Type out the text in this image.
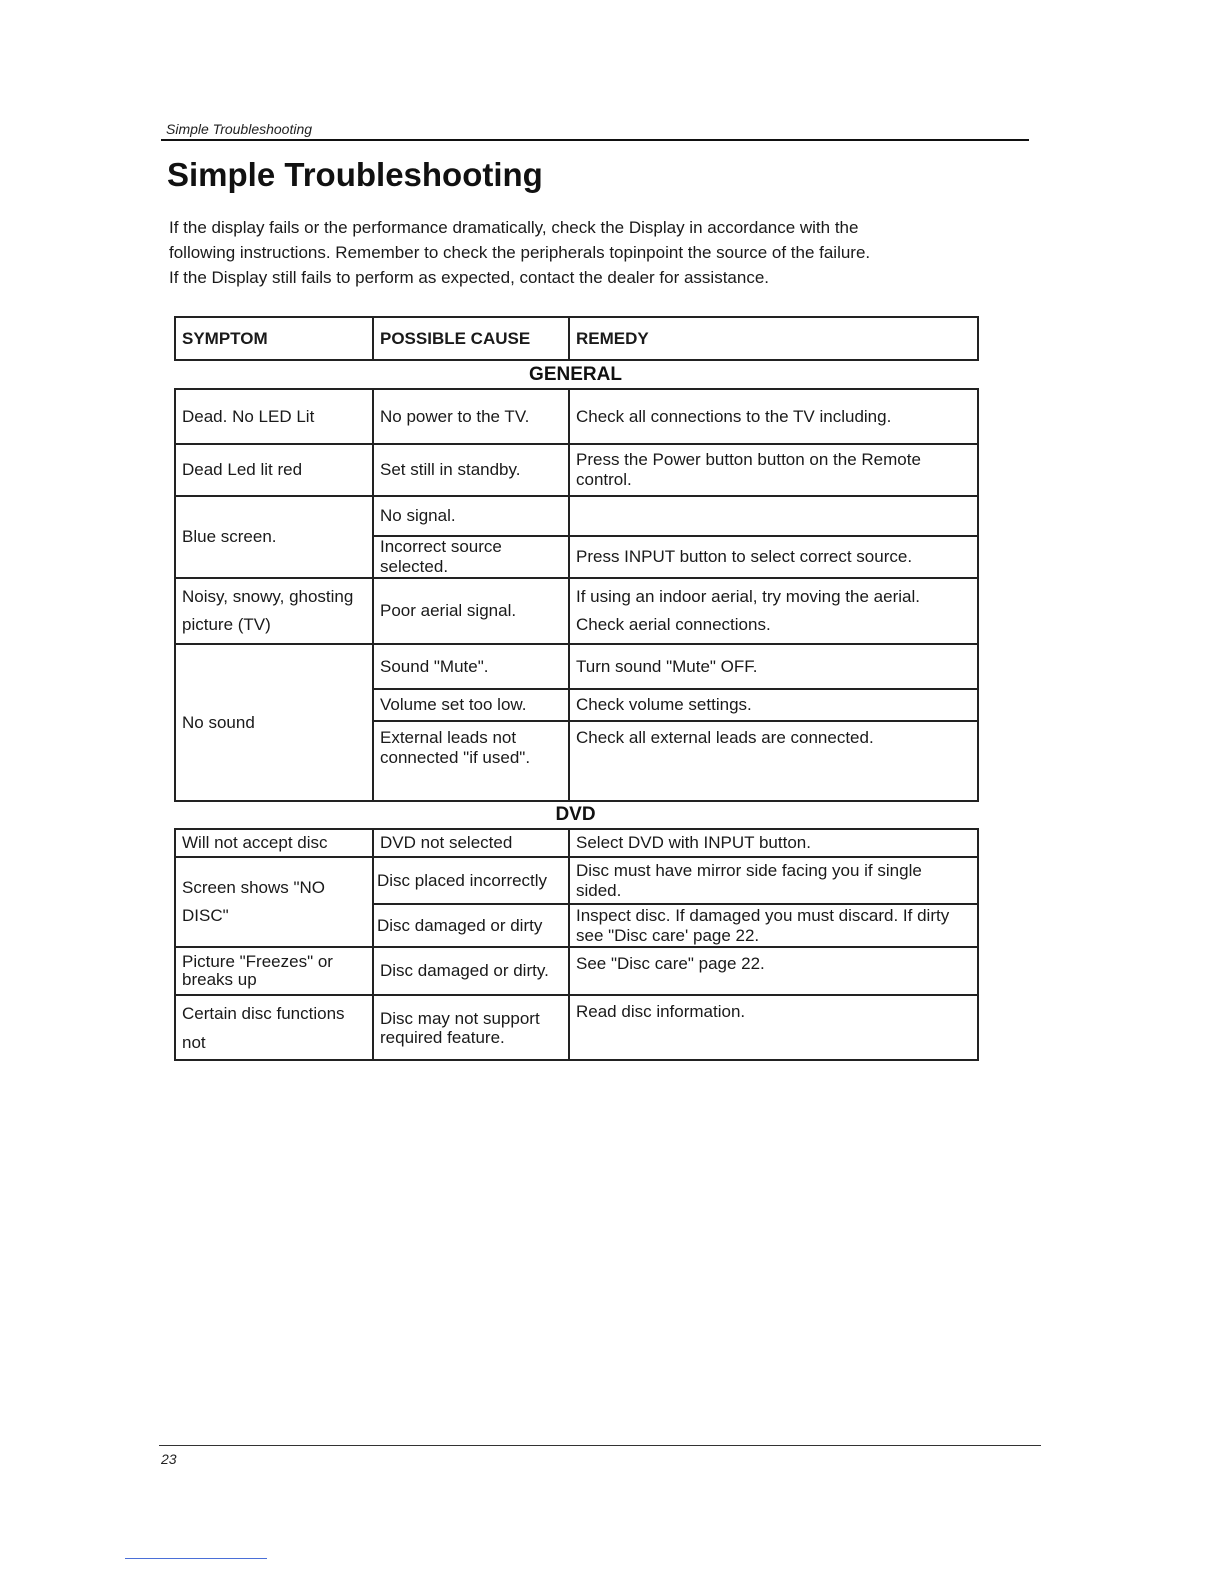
Simple Troubleshooting
Simple Troubleshooting

If the display fails or the performance dramatically, check the Display in accordance with the

following instructions. Remember to check the peripherals topinpoint the source of the failure.

If the Display still fails to perform as expected, contact the dealer for assistance.

SYMPTOM	POSSIBLE CAUSE	REMEDY
GENERAL
Dead. No LED Lit	No power to the TV.	Check all connections to the TV including.
Dead Led lit red	Set still in standby.	Press the Power button button on the Remote control.
Blue screen.	No signal.	
	Incorrect source selected.	Press INPUT button to select correct source.
Noisy, snowy, ghosting picture (TV)	Poor aerial signal.	If using an indoor aerial, try moving the aerial. Check aerial connections.
No sound	Sound "Mute".	Turn sound "Mute" OFF.
	Volume set too low.	Check volume settings.
	External leads not connected "if used".	Check all external leads are connected.
DVD
Will not accept disc	DVD not selected	Select DVD with INPUT button.
Screen shows "NO DISC"	Disc placed incorrectly	Disc must have mirror side facing you if single sided.
	Disc damaged or dirty	Inspect disc. If damaged you must discard. If dirty see "Disc care' page 22.
Picture "Freezes" or breaks up	Disc damaged or dirty.	See "Disc care" page 22.
Certain disc functions not	Disc may not support required feature.	Read disc information.
23
